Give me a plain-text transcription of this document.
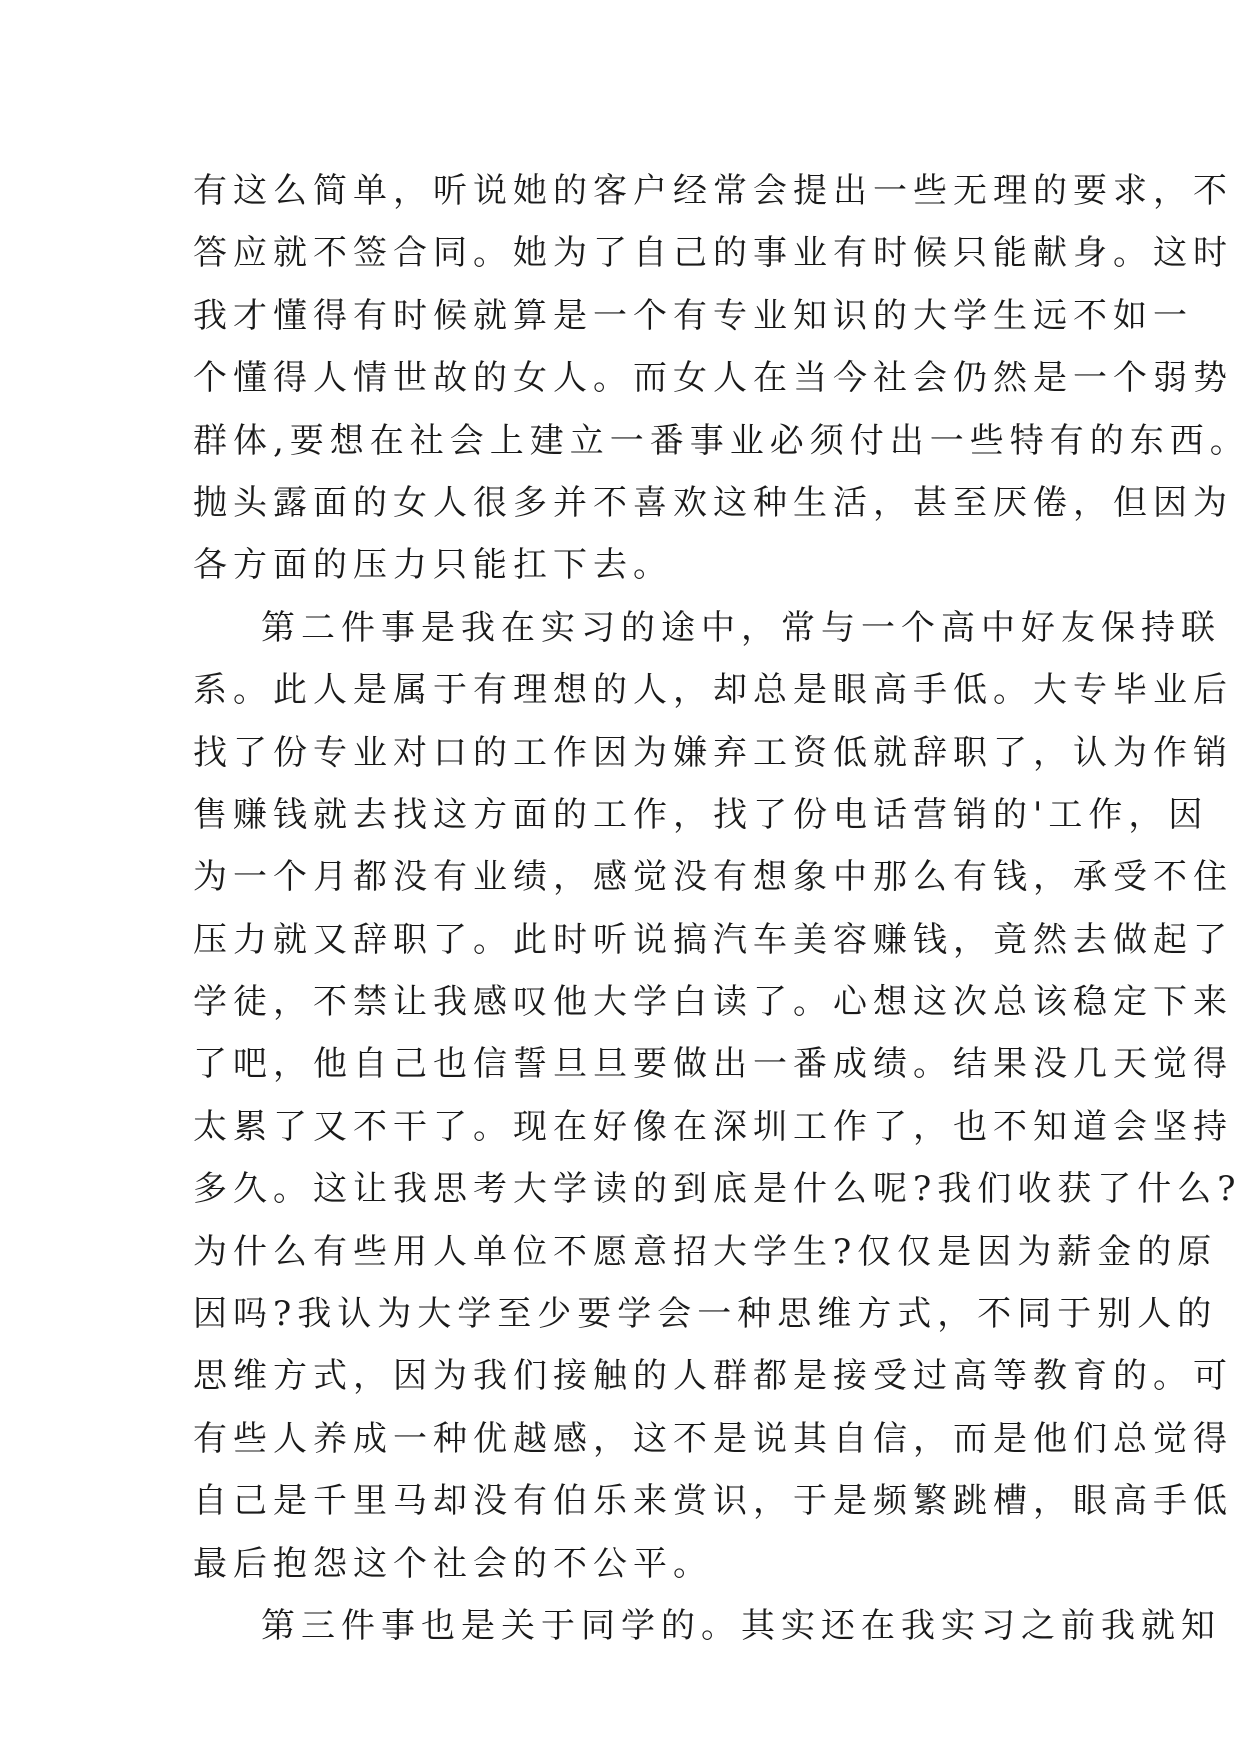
有这么简单，听说她的客户经常会提出一些无理的要求，不
答应就不签合同。她为了自己的事业有时候只能献身。这时
我才懂得有时候就算是一个有专业知识的大学生远不如一
个懂得人情世故的女人。而女人在当今社会仍然是一个弱势
群体,要想在社会上建立一番事业必须付出一些特有的东西。
抛头露面的女人很多并不喜欢这种生活，甚至厌倦，但因为
各方面的压力只能扛下去。
第二件事是我在实习的途中，常与一个高中好友保持联
系。此人是属于有理想的人，却总是眼高手低。大专毕业后
找了份专业对口的工作因为嫌弃工资低就辞职了，认为作销
售赚钱就去找这方面的工作，找了份电话营销的'工作，因
为一个月都没有业绩，感觉没有想象中那么有钱，承受不住
压力就又辞职了。此时听说搞汽车美容赚钱，竟然去做起了
学徒，不禁让我感叹他大学白读了。心想这次总该稳定下来
了吧，他自己也信誓旦旦要做出一番成绩。结果没几天觉得
太累了又不干了。现在好像在深圳工作了，也不知道会坚持
多久。这让我思考大学读的到底是什么呢?我们收获了什么?
为什么有些用人单位不愿意招大学生?仅仅是因为薪金的原
因吗?我认为大学至少要学会一种思维方式，不同于别人的
思维方式，因为我们接触的人群都是接受过高等教育的。可
有些人养成一种优越感，这不是说其自信，而是他们总觉得
自己是千里马却没有伯乐来赏识，于是频繁跳槽，眼高手低
最后抱怨这个社会的不公平。
第三件事也是关于同学的。其实还在我实习之前我就知
